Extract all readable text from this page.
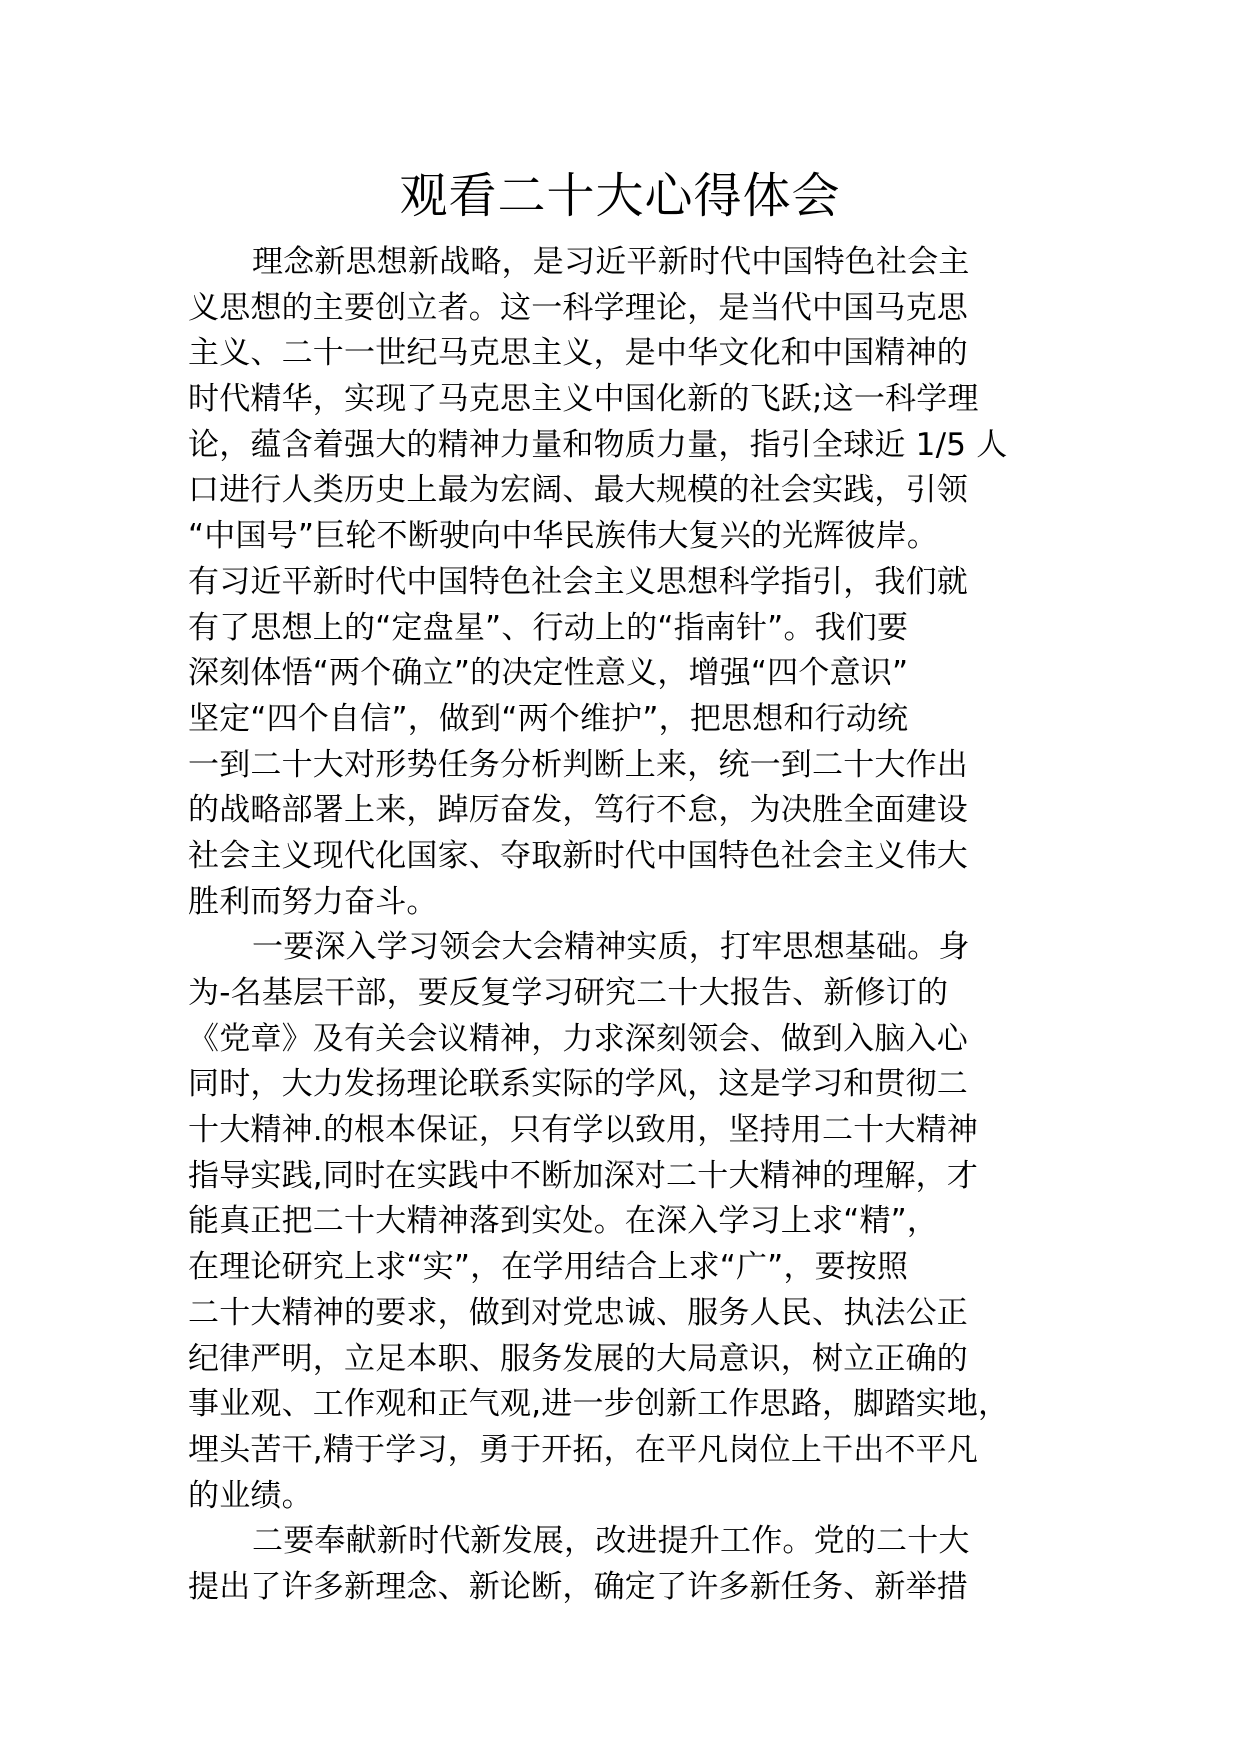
观看二十大心得体会
理念新思想新战略，是习近平新时代中国特色社会主
义思想的主要创立者。这一科学理论，是当代中国马克思
主义、二十一世纪马克思主义，是中华文化和中国精神的
时代精华，实现了马克思主义中国化新的飞跃;这一科学理
论，蕴含着强大的精神力量和物质力量，指引全球近 1/5 人
口进行人类历史上最为宏阔、最大规模的社会实践，引领
“中国号”巨轮不断驶向中华民族伟大复兴的光辉彼岸。
有习近平新时代中国特色社会主义思想科学指引，我们就
有了思想上的“定盘星”、行动上的“指南针”。我们要
深刻体悟“两个确立”的决定性意义，增强“四个意识”
坚定“四个自信”，做到“两个维护”，把思想和行动统
一到二十大对形势任务分析判断上来，统一到二十大作出
的战略部署上来，踔厉奋发，笃行不怠，为决胜全面建设
社会主义现代化国家、夺取新时代中国特色社会主义伟大
胜利而努力奋斗。
一要深入学习领会大会精神实质，打牢思想基础。身
为-名基层干部，要反复学习研究二十大报告、新修订的
《党章》及有关会议精神，力求深刻领会、做到入脑入心
同时，大力发扬理论联系实际的学风，这是学习和贯彻二
十大精神.的根本保证，只有学以致用，坚持用二十大精神
指导实践,同时在实践中不断加深对二十大精神的理解，才
能真正把二十大精神落到实处。在深入学习上求“精”，
在理论研究上求“实”，在学用结合上求“广”，要按照
二十大精神的要求，做到对党忠诚、服务人民、执法公正
纪律严明，立足本职、服务发展的大局意识，树立正确的
事业观、工作观和正气观,进一步创新工作思路，脚踏实地，
埋头苦干,精于学习，勇于开拓，在平凡岗位上干出不平凡
的业绩。
二要奉献新时代新发展，改进提升工作。党的二十大
提出了许多新理念、新论断，确定了许多新任务、新举措
